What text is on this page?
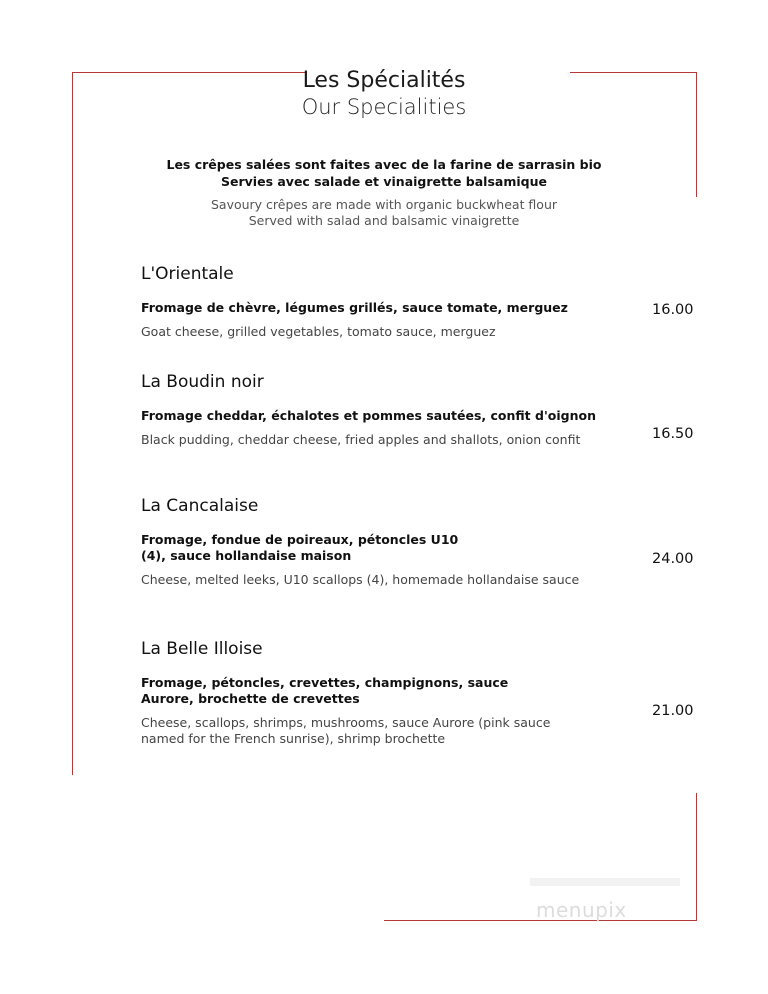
Les Spécialités
Our Specialities
Les crêpes salées sont faites avec de la farine de sarrasin bio
Servies avec salade et vinaigrette balsamique
Savoury crêpes are made with organic buckwheat flour
Served with salad and balsamic vinaigrette
L'Orientale
Fromage de chèvre, légumes grillés, sauce tomate, merguez
Goat cheese, grilled vegetables, tomato sauce, merguez
16.00
La Boudin noir
Fromage cheddar, échalotes et pommes sautées, confit d'oignon
Black pudding, cheddar cheese, fried apples and shallots, onion confit	16.50
La Cancalaise
Fromage, fondue de poireaux, pétoncles U10 (4), sauce hollandaise maison
Cheese, melted leeks, U10 scallops (4), homemade hollandaise sauce
24.00
La Belle Illoise
Fromage, pétoncles, crevettes, champignons, sauce Aurore, brochette de crevettes
Cheese, scallops, shrimps, mushrooms, sauce Aurore (pink sauce named for the French sunrise), shrimp brochette
21.00
menupix
